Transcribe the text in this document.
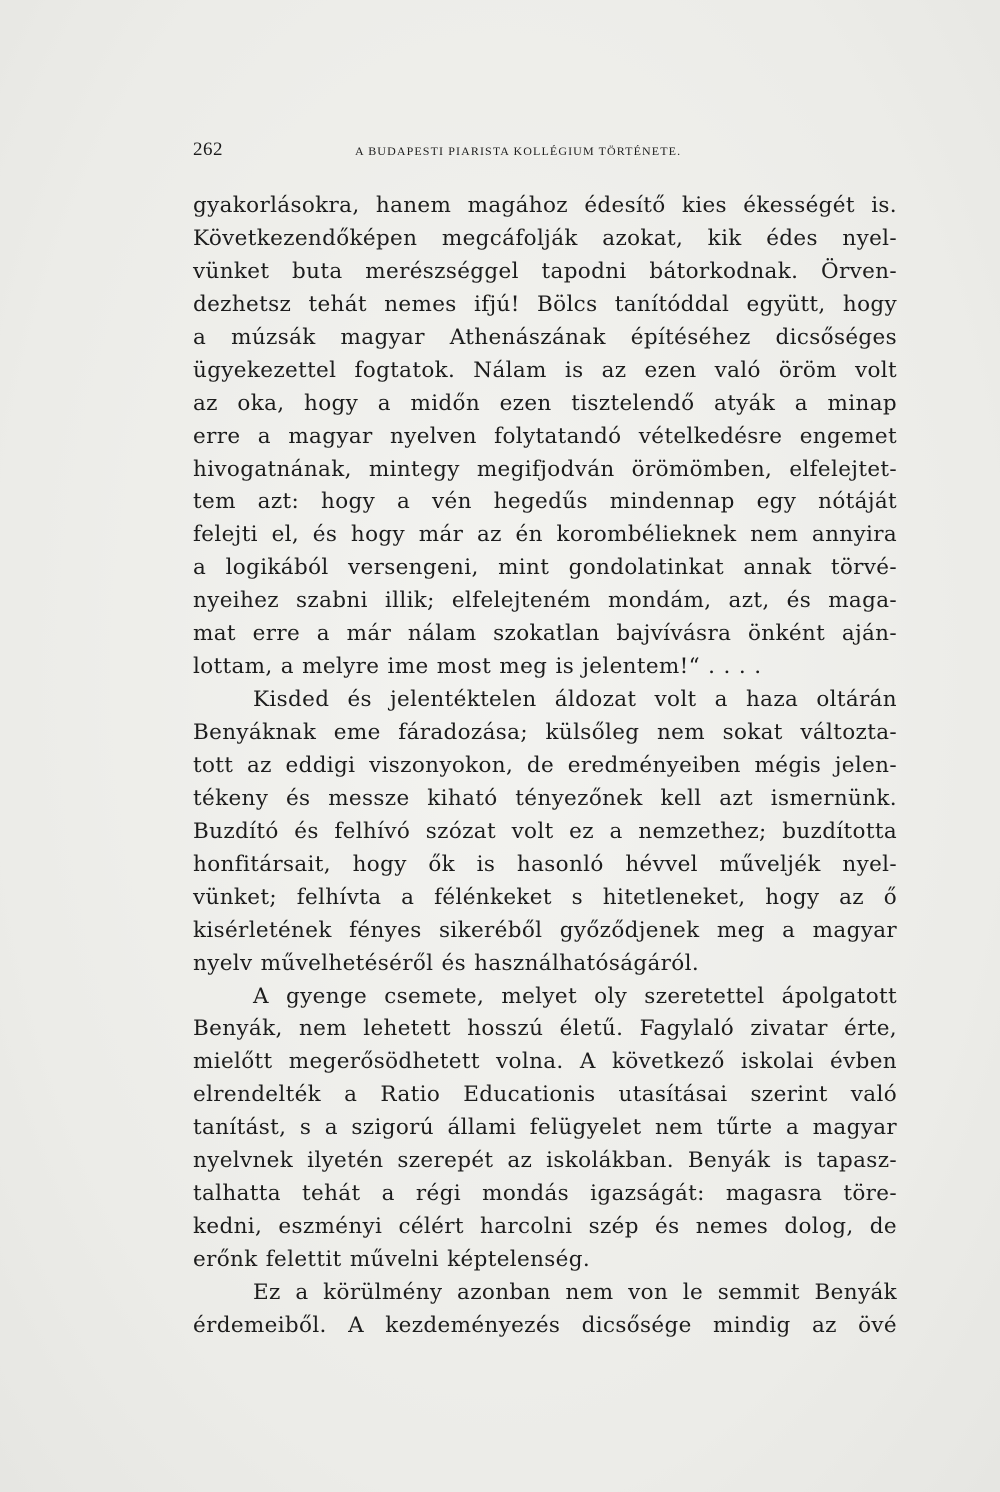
262	A BUDAPESTI PIARISTA KOLLÉGIUM TÖRTÉNETE.
gyakorlásokra, hanem magához édesítő kies ékességét is.
Következendőképen megcáfolják azokat, kik édes nyel-
vünket buta merészséggel tapodni bátorkodnak. Örven-
dezhetsz tehát nemes ifjú! Bölcs tanítóddal együtt, hogy
a múzsák magyar Athenászának építéséhez dicsőséges
ügyekezettel fogtatok. Nálam is az ezen való öröm volt
az oka, hogy a midőn ezen tisztelendő atyák a minap
erre a magyar nyelven folytatandó vételkedésre engemet
hivogatnának, mintegy megifjodván örömömben, elfelejtet-
tem azt: hogy a vén hegedűs mindennap egy nótáját
felejti el, és hogy már az én korombélieknek nem annyira
a logikából versengeni, mint gondolatinkat annak törvé-
nyeihez szabni illik; elfelejteném mondám, azt, és maga-
mat erre a már nálam szokatlan bajvívásra önként aján-
lottam, a melyre ime most meg is jelentem!“ . . . .
Kisded és jelentéktelen áldozat volt a haza oltárán
Benyáknak eme fáradozása; külsőleg nem sokat változta-
tott az eddigi viszonyokon, de eredményeiben mégis jelen-
tékeny és messze kiható tényezőnek kell azt ismernünk.
Buzdító és felhívó szózat volt ez a nemzethez; buzdította
honfitársait, hogy ők is hasonló hévvel műveljék nyel-
vünket; felhívta a félénkeket s hitetleneket, hogy az ő
kisérletének fényes sikeréből győződjenek meg a magyar
nyelv művelhetéséről és használhatóságáról.
A gyenge csemete, melyet oly szeretettel ápolgatott
Benyák, nem lehetett hosszú életű. Fagylaló zivatar érte,
mielőtt megerősödhetett volna. A következő iskolai évben
elrendelték a Ratio Educationis utasításai szerint való
tanítást, s a szigorú állami felügyelet nem tűrte a magyar
nyelvnek ilyetén szerepét az iskolákban. Benyák is tapasz-
talhatta tehát a régi mondás igazságát: magasra töre-
kedni, eszményi célért harcolni szép és nemes dolog, de
erőnk felettit művelni képtelenség.
Ez a körülmény azonban nem von le semmit Benyák
érdemeiből. A kezdeményezés dicsősége mindig az övé
